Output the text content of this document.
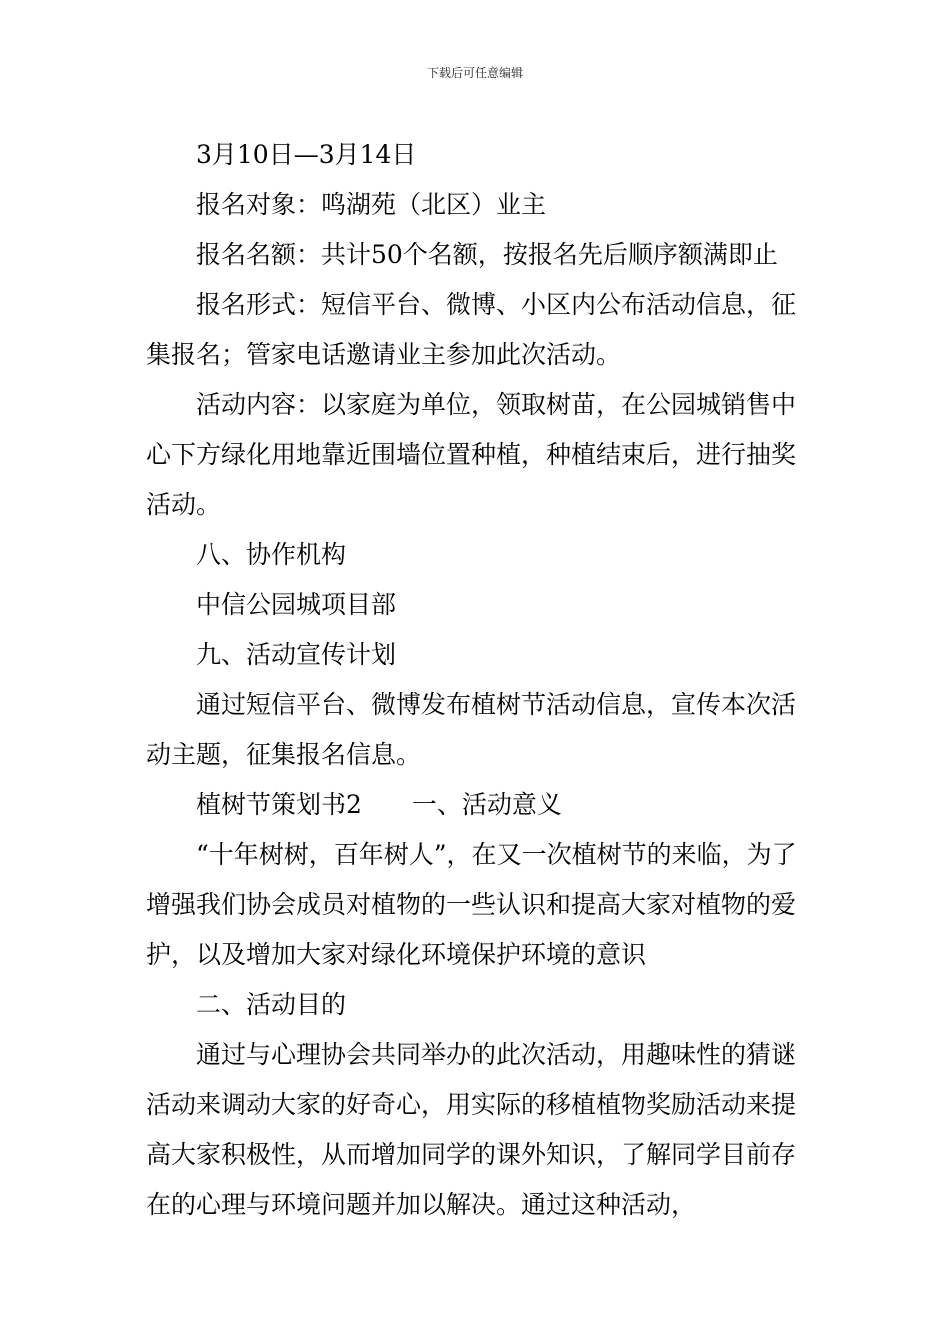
下载后可任意编辑

3月10日—3月14日

报名对象：鸣湖苑（北区）业主

报名名额：共计50个名额，按报名先后顺序额满即止

报名形式：短信平台、微博、小区内公布活动信息，征集报名；管家电话邀请业主参加此次活动。

活动内容：以家庭为单位，领取树苗，在公园城销售中心下方绿化用地靠近围墙位置种植，种植结束后，进行抽奖活动。

八、协作机构

中信公园城项目部

九、活动宣传计划

通过短信平台、微博发布植树节活动信息，宣传本次活动主题，征集报名信息。

植树节策划书2 一、活动意义

“十年树树，百年树人”，在又一次植树节的来临，为了增强我们协会成员对植物的一些认识和提高大家对植物的爱护，以及增加大家对绿化环境保护环境的意识

二、活动目的

通过与心理协会共同举办的此次活动，用趣味性的猜谜活动来调动大家的好奇心，用实际的移植植物奖励活动来提高大家积极性，从而增加同学的课外知识，了解同学目前存在的心理与环境问题并加以解决。通过这种活动，
